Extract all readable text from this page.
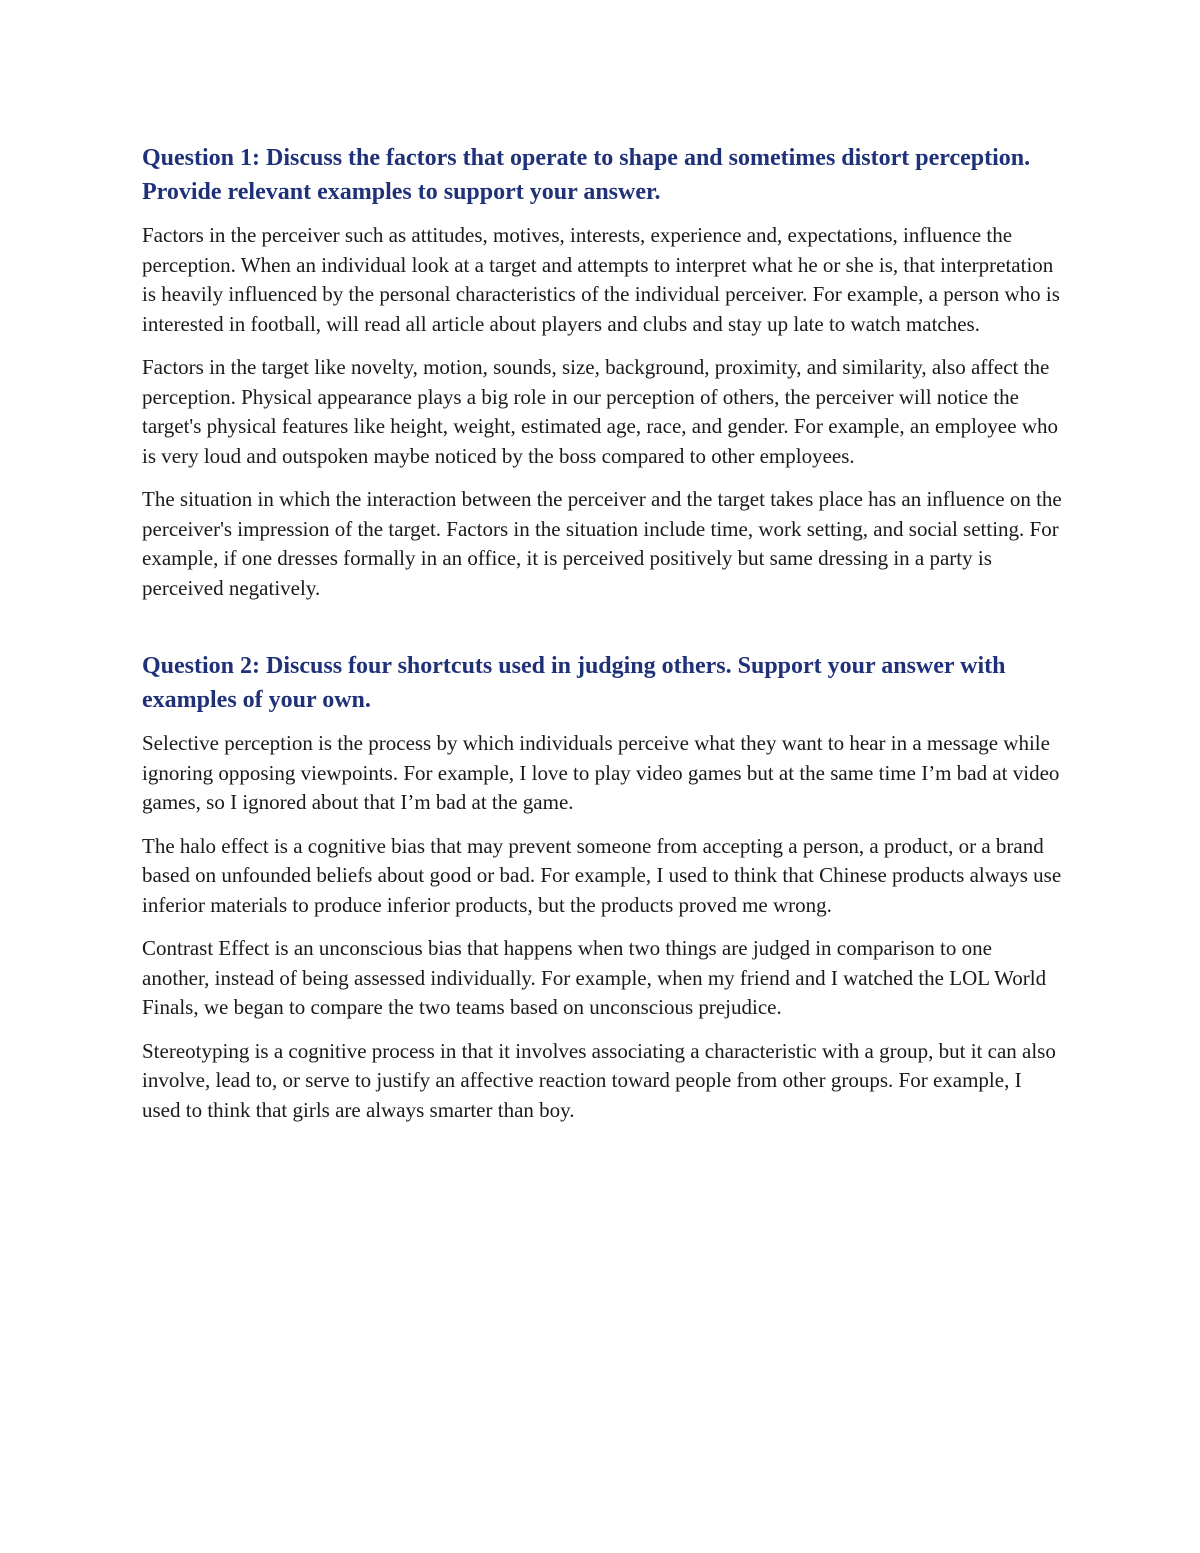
Question 1: Discuss the factors that operate to shape and sometimes distort perception. Provide relevant examples to support your answer.

Factors in the perceiver such as attitudes, motives, interests, experience and, expectations, influence the perception. When an individual look at a target and attempts to interpret what he or she is, that interpretation is heavily influenced by the personal characteristics of the individual perceiver. For example, a person who is interested in football, will read all article about players and clubs and stay up late to watch matches.

Factors in the target like novelty, motion, sounds, size, background, proximity, and similarity, also affect the perception. Physical appearance plays a big role in our perception of others, the perceiver will notice the target's physical features like height, weight, estimated age, race, and gender. For example, an employee who is very loud and outspoken maybe noticed by the boss compared to other employees.

The situation in which the interaction between the perceiver and the target takes place has an influence on the perceiver's impression of the target. Factors in the situation include time, work setting, and social setting. For example, if one dresses formally in an office, it is perceived positively but same dressing in a party is perceived negatively.

Question 2: Discuss four shortcuts used in judging others. Support your answer with examples of your own.

Selective perception is the process by which individuals perceive what they want to hear in a message while ignoring opposing viewpoints. For example, I love to play video games but at the same time I’m bad at video games, so I ignored about that I’m bad at the game.

The halo effect is a cognitive bias that may prevent someone from accepting a person, a product, or a brand based on unfounded beliefs about good or bad. For example, I used to think that Chinese products always use inferior materials to produce inferior products, but the products proved me wrong.

Contrast Effect is an unconscious bias that happens when two things are judged in comparison to one another, instead of being assessed individually. For example, when my friend and I watched the LOL World Finals, we began to compare the two teams based on unconscious prejudice.

Stereotyping is a cognitive process in that it involves associating a characteristic with a group, but it can also involve, lead to, or serve to justify an affective reaction toward people from other groups. For example, I used to think that girls are always smarter than boy.
